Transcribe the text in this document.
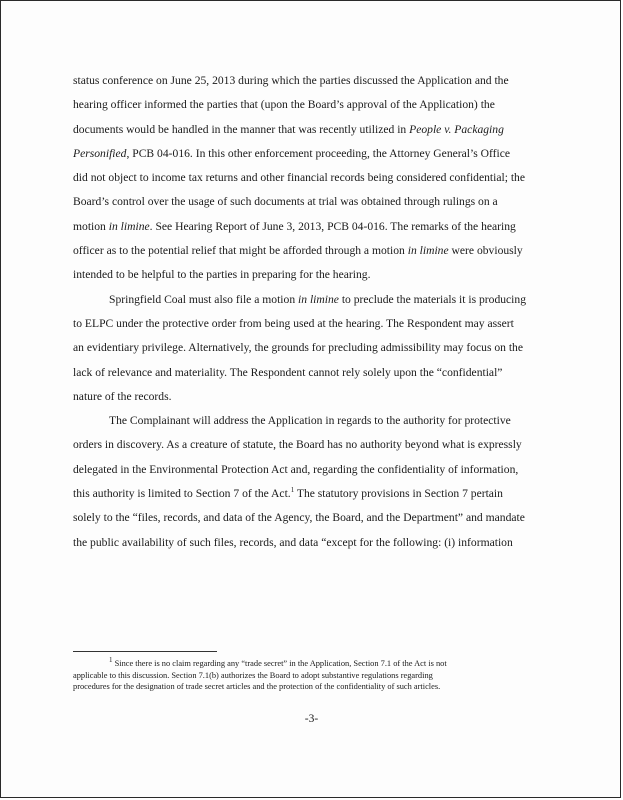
status conference on June 25, 2013 during which the parties discussed the Application and the
hearing officer informed the parties that (upon the Board’s approval of the Application) the
documents would be handled in the manner that was recently utilized in People v. Packaging
Personified, PCB 04-016. In this other enforcement proceeding, the Attorney General’s Office
did not object to income tax returns and other financial records being considered confidential; the
Board’s control over the usage of such documents at trial was obtained through rulings on a
motion in limine. See Hearing Report of June 3, 2013, PCB 04-016. The remarks of the hearing
officer as to the potential relief that might be afforded through a motion in limine were obviously
intended to be helpful to the parties in preparing for the hearing.
Springfield Coal must also file a motion in limine to preclude the materials it is producing
to ELPC under the protective order from being used at the hearing. The Respondent may assert
an evidentiary privilege. Alternatively, the grounds for precluding admissibility may focus on the
lack of relevance and materiality. The Respondent cannot rely solely upon the “confidential”
nature of the records.
The Complainant will address the Application in regards to the authority for protective
orders in discovery. As a creature of statute, the Board has no authority beyond what is expressly
delegated in the Environmental Protection Act and, regarding the confidentiality of information,
this authority is limited to Section 7 of the Act.$^1$ The statutory provisions in Section 7 pertain
solely to the “files, records, and data of the Agency, the Board, and the Department” and mandate
the public availability of such files, records, and data “except for the following: (i) information
$^1$ Since there is no claim regarding any “trade secret” in the Application, Section 7.1 of the Act is not
applicable to this discussion. Section 7.1(b) authorizes the Board to adopt substantive regulations regarding
procedures for the designation of trade secret articles and the protection of the confidentiality of such articles.
-3-
